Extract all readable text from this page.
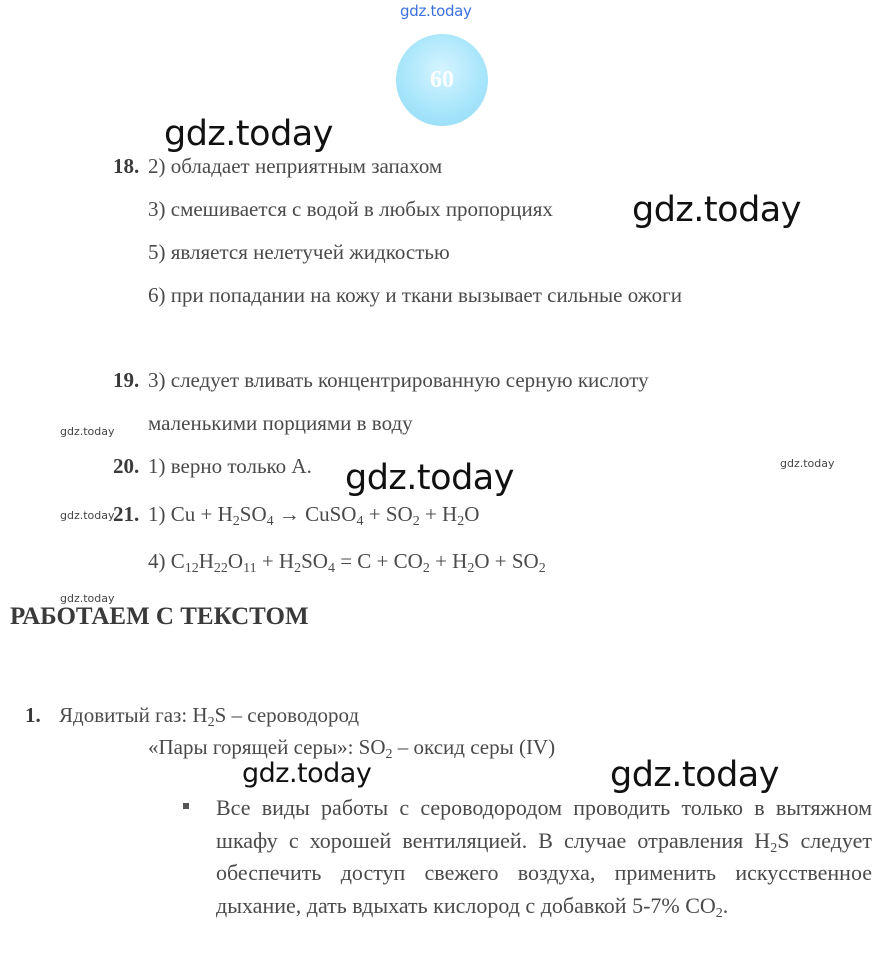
gdz.today
60
gdz.today
gdz.today
gdz.today
gdz.today	gdz.today
gdz.today
gdz.today
gdz.today
gdz.today
18. 2) обладает неприятным запахом
3) смешивается с водой в любых пропорциях
5) является нелетучей жидкостью
6) при попадании на кожу и ткани вызывает сильные ожоги
19. 3) следует вливать концентрированную серную кислоту
маленькими порциями в воду
20. 1) верно только А.
21. 1) $Cu + H_2SO_4$ → CuSO$_4$ + $SO_2 + H_2O$
4) $C_{12}H_{22}O_{11} + H_2SO_4 = C + CO_2 + H_2O + SO_2$
РАБОТАЕМ С ТЕКСТОМ
1. Ядовитый газ: $H_2S$ – сероводород
«Пары горящей серы»: $SO_2$ – оксид серы (IV)
Все виды работы с сероводородом проводить только в вытяжном шкафу с хорошей вентиляцией. В случае отравления $H_2S$ следует обеспечить доступ свежего воздуха, применить искусственное дыхание, дать вдыхать кислород с добавкой 5-7% $CO_2$.
